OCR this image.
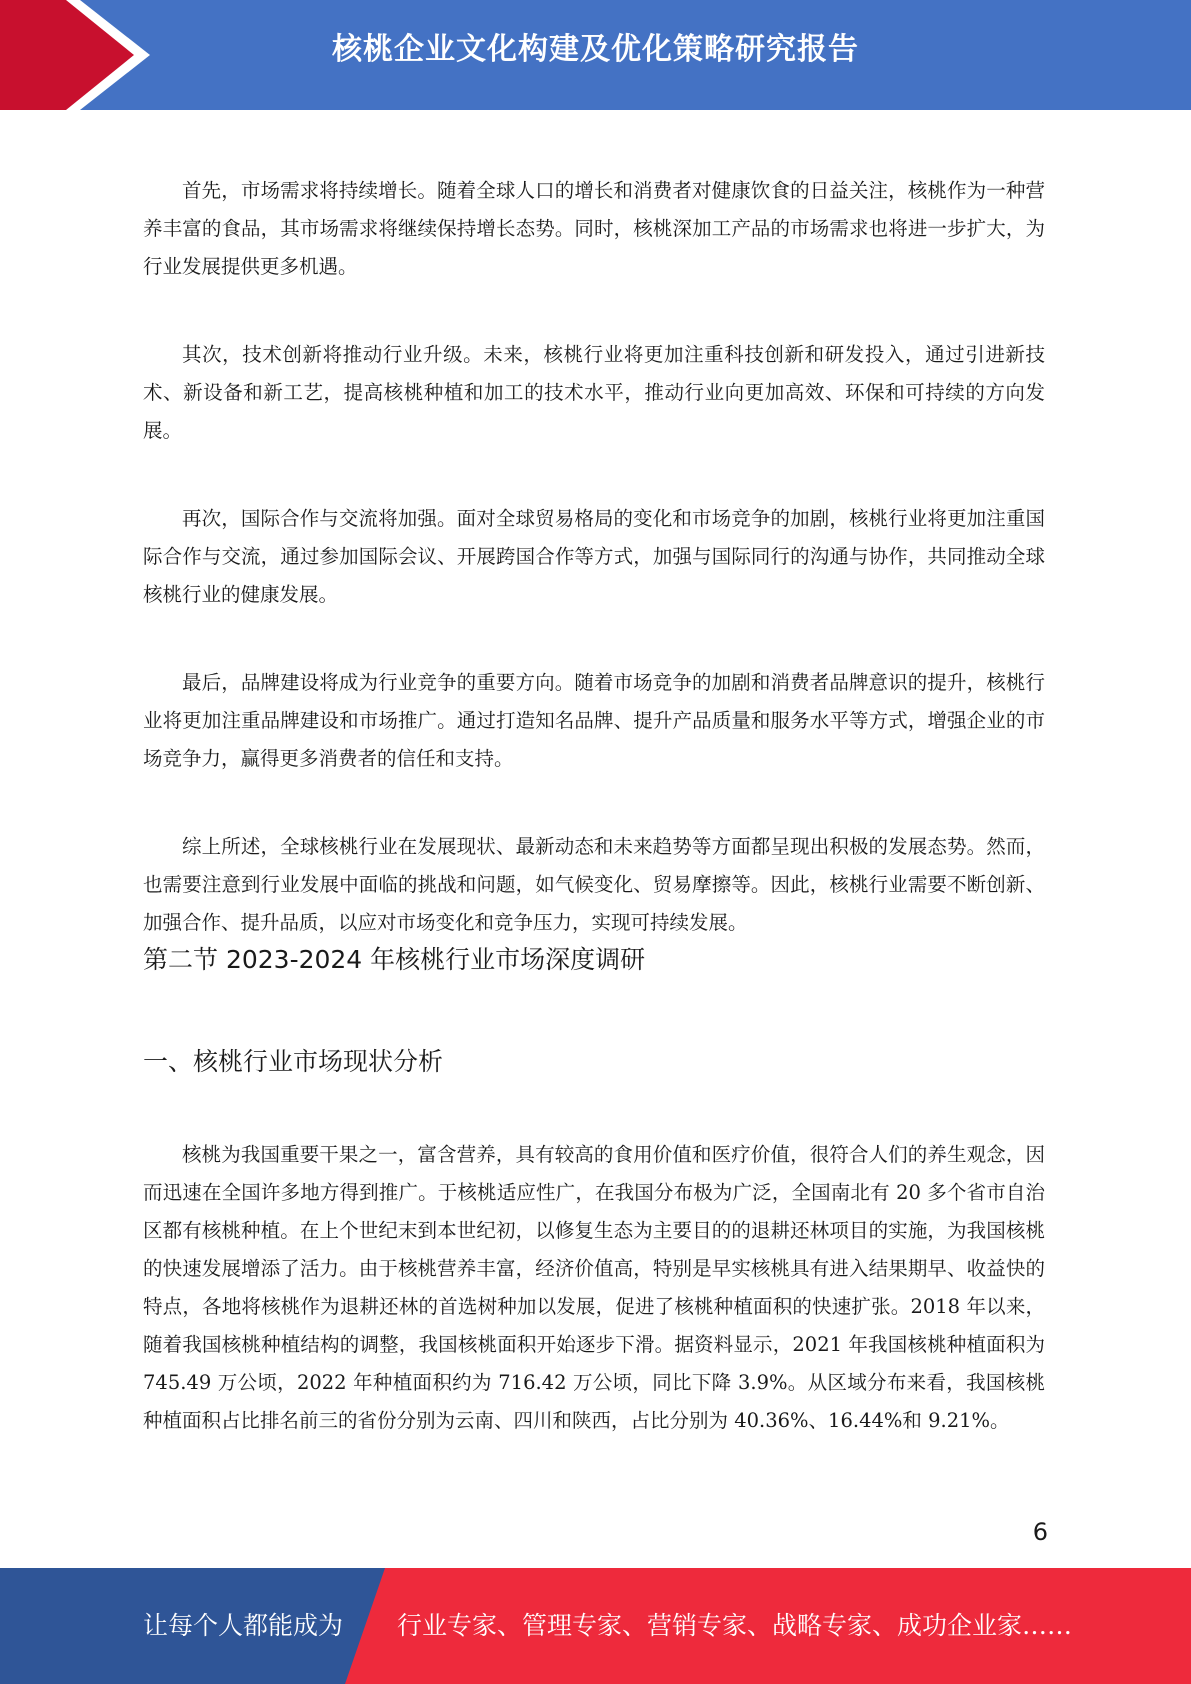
核桃企业文化构建及优化策略研究报告

首先，市场需求将持续增长。随着全球人口的增长和消费者对健康饮食的日益关注，核桃作为一种营养丰富的食品，其市场需求将继续保持增长态势。同时，核桃深加工产品的市场需求也将进一步扩大，为行业发展提供更多机遇。

其次，技术创新将推动行业升级。未来，核桃行业将更加注重科技创新和研发投入，通过引进新技术、新设备和新工艺，提高核桃种植和加工的技术水平，推动行业向更加高效、环保和可持续的方向发展。

再次，国际合作与交流将加强。面对全球贸易格局的变化和市场竞争的加剧，核桃行业将更加注重国际合作与交流，通过参加国际会议、开展跨国合作等方式，加强与国际同行的沟通与协作，共同推动全球核桃行业的健康发展。

最后，品牌建设将成为行业竞争的重要方向。随着市场竞争的加剧和消费者品牌意识的提升，核桃行业将更加注重品牌建设和市场推广。通过打造知名品牌、提升产品质量和服务水平等方式，增强企业的市场竞争力，赢得更多消费者的信任和支持。

综上所述，全球核桃行业在发展现状、最新动态和未来趋势等方面都呈现出积极的发展态势。然而，也需要注意到行业发展中面临的挑战和问题，如气候变化、贸易摩擦等。因此，核桃行业需要不断创新、加强合作、提升品质，以应对市场变化和竞争压力，实现可持续发展。

第二节 2023-2024 年核桃行业市场深度调研
一、核桃行业市场现状分析

核桃为我国重要干果之一，富含营养，具有较高的食用价值和医疗价值，很符合人们的养生观念，因而迅速在全国许多地方得到推广。于核桃适应性广，在我国分布极为广泛，全国南北有 20 多个省市自治区都有核桃种植。在上个世纪末到本世纪初，以修复生态为主要目的的退耕还林项目的实施，为我国核桃的快速发展增添了活力。由于核桃营养丰富，经济价值高，特别是早实核桃具有进入结果期早、收益快的特点，各地将核桃作为退耕还林的首选树种加以发展，促进了核桃种植面积的快速扩张。2018 年以来，随着我国核桃种植结构的调整，我国核桃面积开始逐步下滑。据资料显示，2021 年我国核桃种植面积为 745.49 万公顷，2022 年种植面积约为 716.42 万公顷，同比下降 3.9%。从区域分布来看，我国核桃种植面积占比排名前三的省份分别为云南、四川和陕西，占比分别为 40.36%、16.44%和 9.21%。

6
让每个人都能成为 行业专家、管理专家、营销专家、战略专家、成功企业家……
